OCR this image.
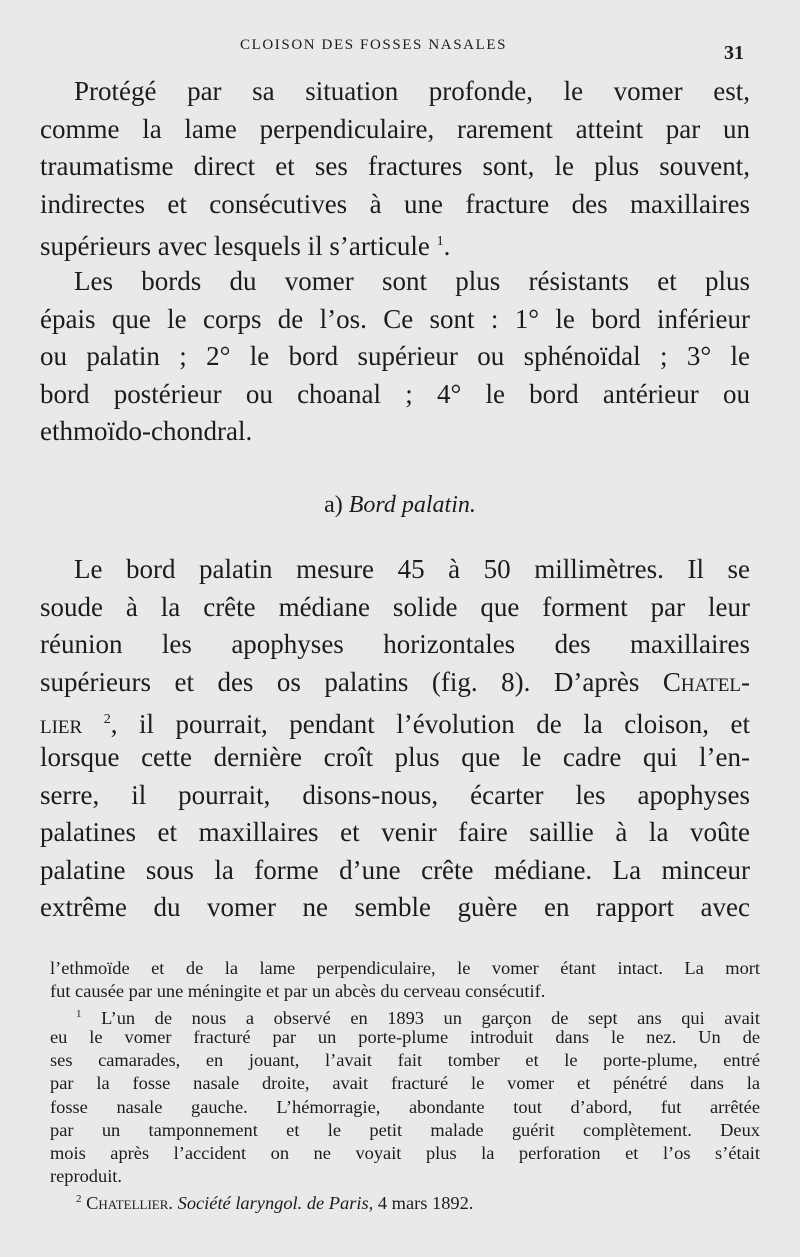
CLOISON DES FOSSES NASALES	31
Protégé par sa situation profonde, le vomer est,
comme la lame perpendiculaire, rarement atteint par un
traumatisme direct et ses fractures sont, le plus souvent,
indirectes et consécutives à une fracture des maxillaires
supérieurs avec lesquels il s’articule $^1$.
Les bords du vomer sont plus résistants et plus
épais que le corps de l’os. Ce sont : 1° le bord inférieur
ou palatin ; 2° le bord supérieur ou sphénoïdal ; 3° le
bord postérieur ou choanal ; 4° le bord antérieur ou
ethmoïdo-chondral.
a) Bord palatin.
Le bord palatin mesure 45 à 50 millimètres. Il se
soude à la crête médiane solide que forment par leur
réunion les apophyses horizontales des maxillaires
supérieurs et des os palatins (fig. 8). D’après Chatel-
lier $^2$, il pourrait, pendant l’évolution de la cloison, et
lorsque cette dernière croît plus que le cadre qui l’en-
serre, il pourrait, disons-nous, écarter les apophyses
palatines et maxillaires et venir faire saillie à la voûte
palatine sous la forme d’une crête médiane. La minceur
extrême du vomer ne semble guère en rapport avec
l’ethmoïde et de la lame perpendiculaire, le vomer étant intact. La mort
fut causée par une méningite et par un abcès du cerveau consécutif.
$^1$ L’un de nous a observé en 1893 un garçon de sept ans qui avait
eu le vomer fracturé par un porte-plume introduit dans le nez. Un de
ses camarades, en jouant, l’avait fait tomber et le porte-plume, entré
par la fosse nasale droite, avait fracturé le vomer et pénétré dans la
fosse nasale gauche. L’hémorragie, abondante tout d’abord, fut arrêtée
par un tamponnement et le petit malade guérit complètement. Deux
mois après l’accident on ne voyait plus la perforation et l’os s’était
reproduit.
$^2$ Chatellier. Société laryngol. de Paris, 4 mars 1892.
